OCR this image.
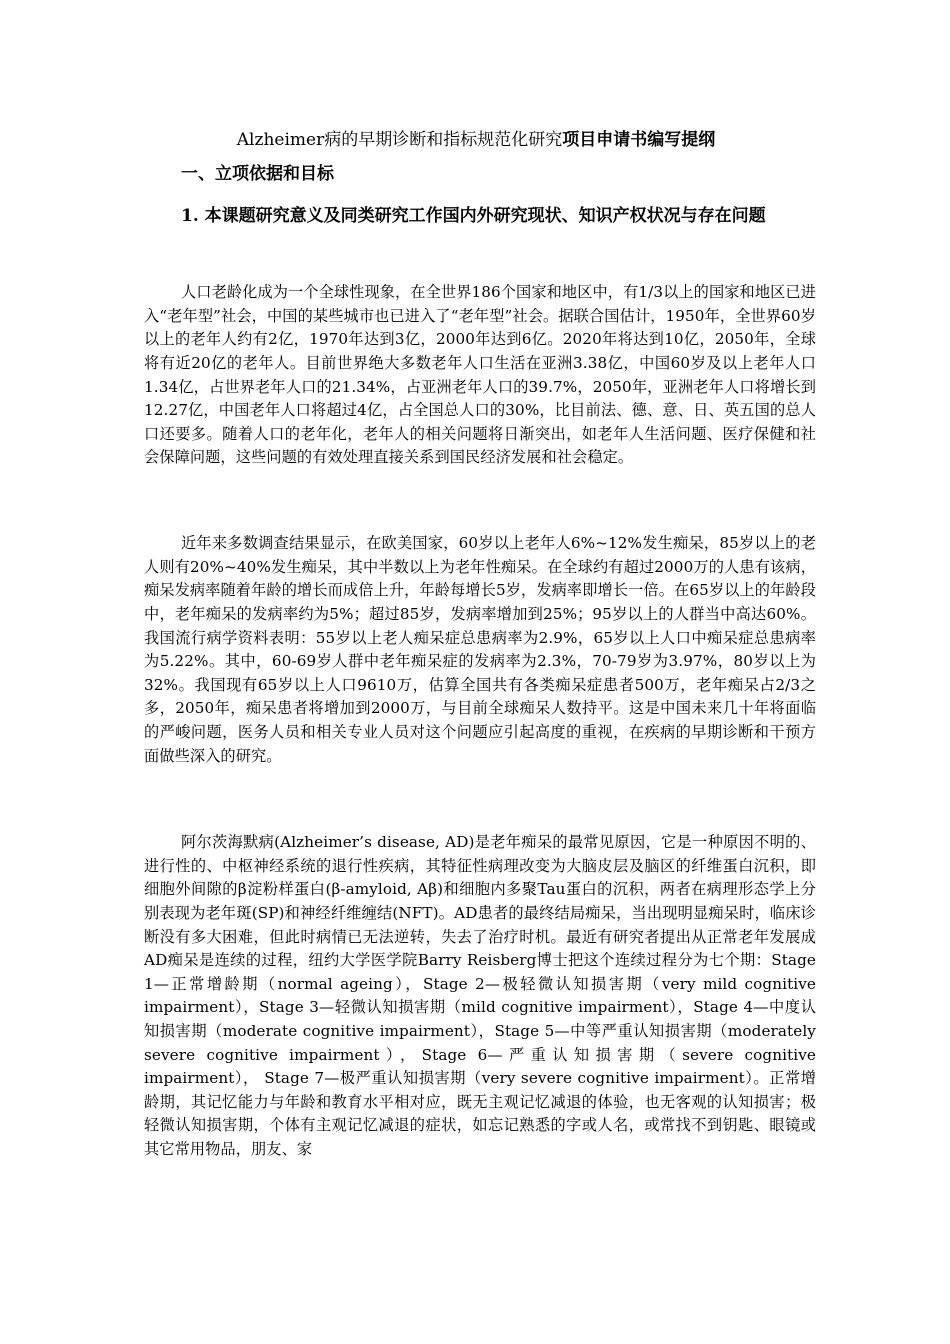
Alzheimer病的早期诊断和指标规范化研究项目申请书编写提纲
一、立项依据和目标
1. 本课题研究意义及同类研究工作国内外研究现状、知识产权状况与存在问题

人口老龄化成为一个全球性现象，在全世界186个国家和地区中，有1/3以上的国家和地区已进入“老年型”社会，中国的某些城市也已进入了“老年型”社会。据联合国估计，1950年，全世界60岁以上的老年人约有2亿，1970年达到3亿，2000年达到6亿。2020年将达到10亿，2050年，全球将有近20亿的老年人。目前世界绝大多数老年人口生活在亚洲3.38亿，中国60岁及以上老年人口1.34亿，占世界老年人口的21.34%，占亚洲老年人口的39.7%，2050年，亚洲老年人口将增长到12.27亿，中国老年人口将超过4亿，占全国总人口的30%，比目前法、德、意、日、英五国的总人口还要多。随着人口的老年化，老年人的相关问题将日渐突出，如老年人生活问题、医疗保健和社会保障问题，这些问题的有效处理直接关系到国民经济发展和社会稳定。

近年来多数调查结果显示，在欧美国家，60岁以上老年人6%~12%发生痴呆，85岁以上的老人则有20%~40%发生痴呆，其中半数以上为老年性痴呆。在全球约有超过2000万的人患有该病，痴呆发病率随着年龄的增长而成倍上升，年龄每增长5岁，发病率即增长一倍。在65岁以上的年龄段中，老年痴呆的发病率约为5%；超过85岁，发病率增加到25%；95岁以上的人群当中高达60%。我国流行病学资料表明：55岁以上老人痴呆症总患病率为2.9%，65岁以上人口中痴呆症总患病率为5.22%。其中，60-69岁人群中老年痴呆症的发病率为2.3%，70-79岁为3.97%，80岁以上为32%。我国现有65岁以上人口9610万，估算全国共有各类痴呆症患者500万，老年痴呆占2/3之多，2050年，痴呆患者将增加到2000万，与目前全球痴呆人数持平。这是中国未来几十年将面临的严峻问题，医务人员和相关专业人员对这个问题应引起高度的重视，在疾病的早期诊断和干预方面做些深入的研究。

阿尔茨海默病(Alzheimer’s disease, AD)是老年痴呆的最常见原因，它是一种原因不明的、进行性的、中枢神经系统的退行性疾病，其特征性病理改变为大脑皮层及脑区的纤维蛋白沉积，即细胞外间隙的β淀粉样蛋白(β-amyloid, Aβ)和细胞内多聚Tau蛋白的沉积，两者在病理形态学上分别表现为老年斑(SP)和神经纤维缠结(NFT)。AD患者的最终结局痴呆，当出现明显痴呆时，临床诊断没有多大困难，但此时病情已无法逆转，失去了治疗时机。最近有研究者提出从正常老年发展成AD痴呆是连续的过程，纽约大学医学院Barry Reisberg博士把这个连续过程分为七个期：Stage 1—正常增龄期（normal ageing），Stage 2—极轻微认知损害期（very mild cognitive impairment），Stage 3—轻微认知损害期（mild cognitive impairment），Stage 4—中度认知损害期（moderate cognitive impairment），Stage 5—中等严重认知损害期（moderately severe cognitive impairment），Stage 6—严重认知损害期（severe cognitive impairment）， Stage 7—极严重认知损害期（very severe cognitive impairment）。正常增龄期，其记忆能力与年龄和教育水平相对应，既无主观记忆减退的体验，也无客观的认知损害；极轻微认知损害期，个体有主观记忆减退的症状，如忘记熟悉的字或人名，或常找不到钥匙、眼镜或其它常用物品，朋友、家
